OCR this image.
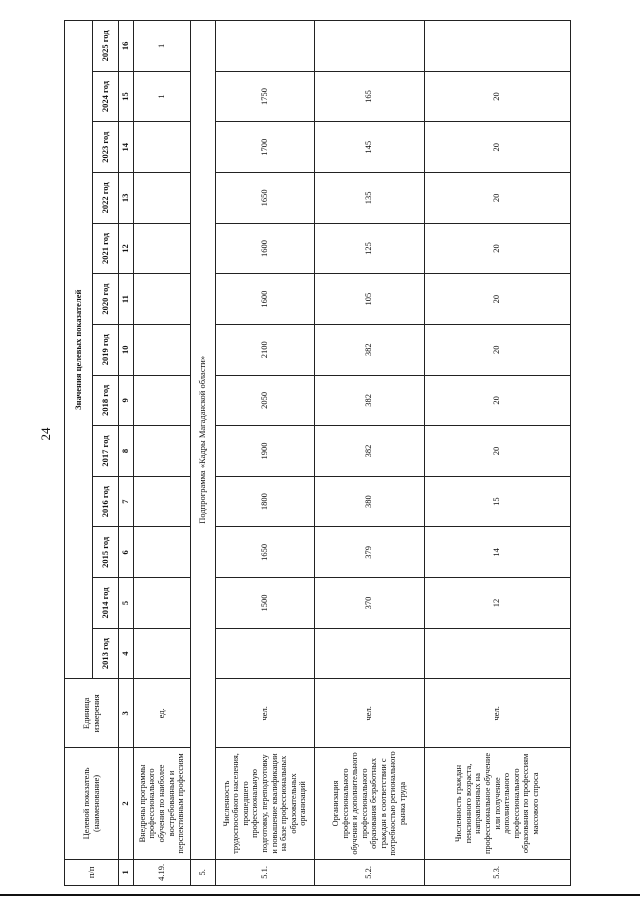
24
п/п	Целевой показатель (наименование)	Единица измерения	Значения целевых показателей												
			2013 год	2014 год	2015 год	2016 год	2017 год	2018 год	2019 год	2020 год	2021 год	2022 год	2023 год	2024 год	2025 год
1	2	3	4	5	6	7	8	9	10	11	12	13	14	15	16
4.19.	Внедрены программы профессионального обучения по наиболее востребованным и перспективным профессиям	ед.												1	1
5.	Подпрограмма «Кадры Магаданской области»														
5.1.	Численность трудоспособного населения, прошедшего профессиональную подготовку, переподготовку и повышение квалификации на базе профессиональных образовательных организаций	чел.		1500	1650	1800	1900	2050	2100	1600	1600	1650	1700	1750	
5.2.	Организация профессионального обучения и дополнительного профессионального образования безработных граждан в соответствии с потребностью регионального рынка труда	чел.		370	379	380	382	382	382	105	125	135	145	165	
5.3.	Численность граждан пенсионного возраста, направленных на профессиональное обучение или получение дополнительного профессионального образования по профессиям массового спроса	чел.		12	14	15	20	20	20	20	20	20	20	20	
